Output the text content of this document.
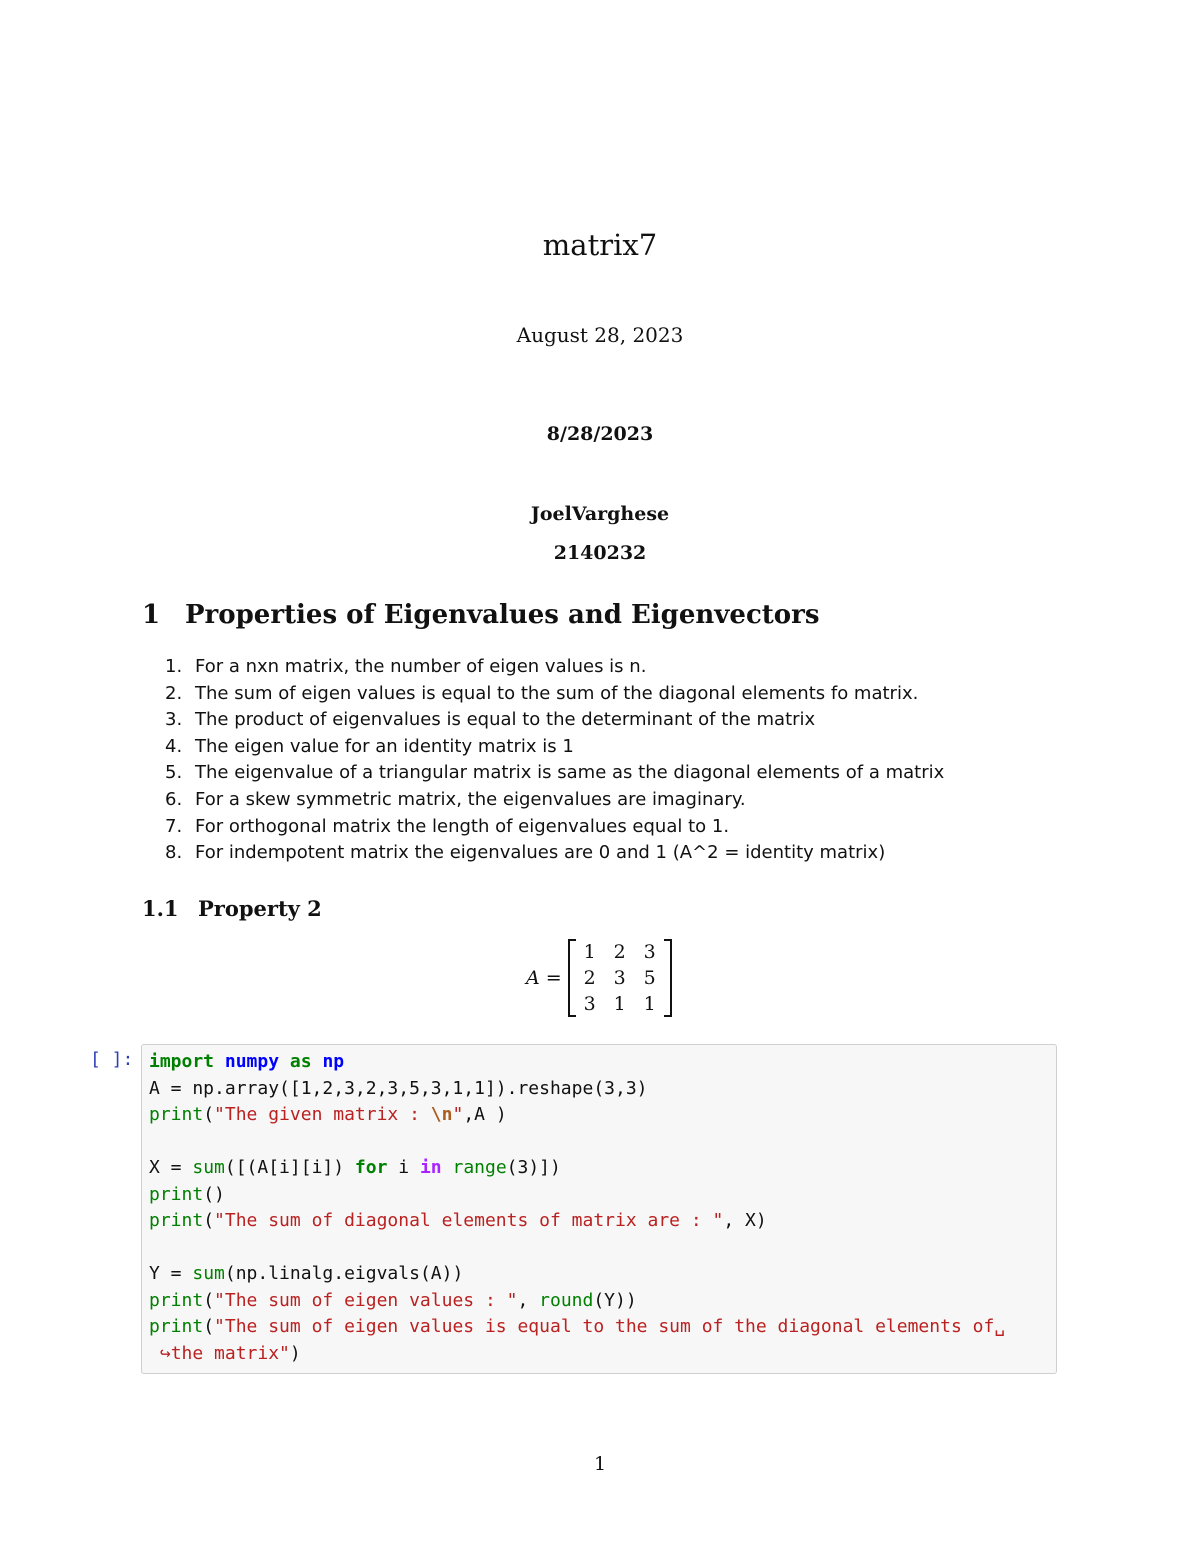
matrix7
August 28, 2023
8/28/2023
JoelVarghese
2140232
1 Properties of Eigenvalues and Eigenvectors
1. For a nxn matrix, the number of eigen values is n.
2. The sum of eigen values is equal to the sum of the diagonal elements fo matrix.
3. The product of eigenvalues is equal to the determinant of the matrix
4. The eigen value for an identity matrix is 1
5. The eigenvalue of a triangular matrix is same as the diagonal elements of a matrix
6. For a skew symmetric matrix, the eigenvalues are imaginary.
7. For orthogonal matrix the length of eigenvalues equal to 1.
8. For indempotent matrix the eigenvalues are 0 and 1 (A^2 = identity matrix)
1.1 Property 2
A =
1 2 3
2 3 5
3 1 1
[ ]: import numpy as np
A = np.array([1,2,3,2,3,5,3,1,1]).reshape(3,3)
print("The given matrix : \n",A )

X = sum([(A[i][i]) for i in range(3)])
print()
print("The sum of diagonal elements of matrix are : ", X)

Y = sum(np.linalg.eigvals(A))
print("The sum of eigen values : ", round(Y))
print("The sum of eigen values is equal to the sum of the diagonal elements of␣
↪the matrix")
1
